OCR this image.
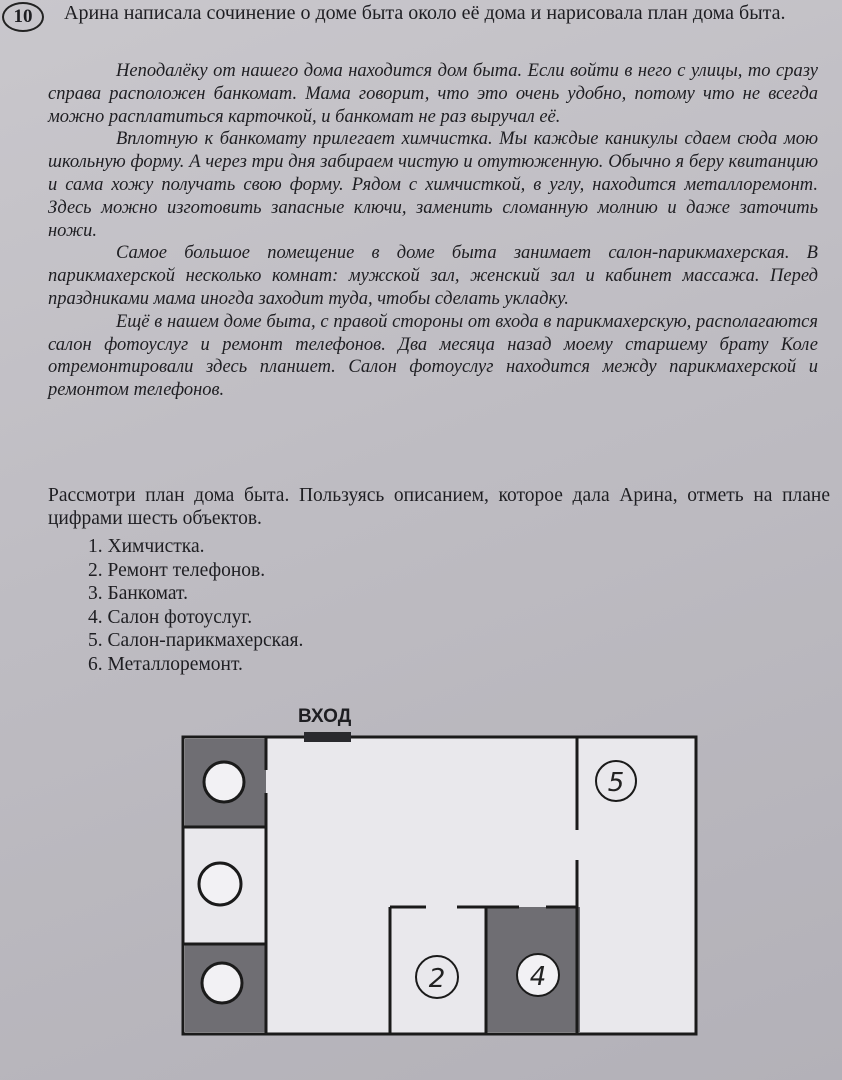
10	Арина написала сочинение о доме быта около её дома и нарисовала план дома быта.

Неподалёку от нашего дома находится дом быта. Если войти в него с улицы, то сразу справа расположен банкомат. Мама говорит, что это очень удобно, потому что не всегда можно расплатиться карточкой, и банкомат не раз выручал её.

Вплотную к банкомату прилегает химчистка. Мы каждые каникулы сдаем сюда мою школьную форму. А через три дня забираем чистую и отутюженную. Обычно я беру квитанцию и сама хожу получать свою форму. Рядом с химчисткой, в углу, находится металлоремонт. Здесь можно изготовить запасные ключи, заменить сломанную молнию и даже заточить ножи.

Самое большое помещение в доме быта занимает салон-парикмахерская. В парикмахерской несколько комнат: мужской зал, женский зал и кабинет массажа. Перед праздниками мама иногда заходит туда, чтобы сделать укладку.

Ещё в нашем доме быта, с правой стороны от входа в парикмахерскую, располагаются салон фотоуслуг и ремонт телефонов. Два месяца назад моему старшему брату Коле отремонтировали здесь планшет. Салон фотоуслуг находится между парикмахерской и ремонтом телефонов.

Рассмотри план дома быта. Пользуясь описанием, которое дала Арина, отметь на плане цифрами шесть объектов.

1. Химчистка.
2. Ремонт телефонов.
3. Банкомат.
4. Салон фотоуслуг.
5. Салон-парикмахерская.
6. Металлоремонт.
ВХОД
5
2	4
